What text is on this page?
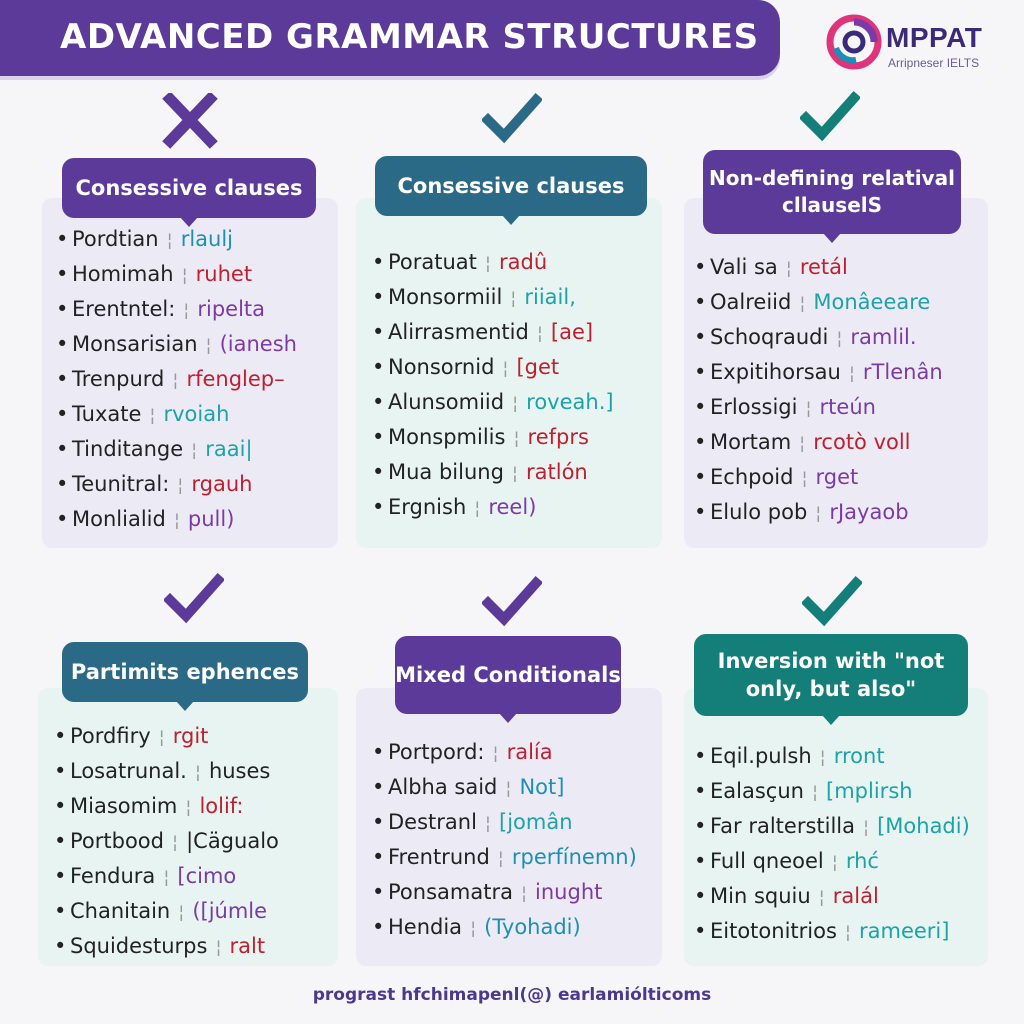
ADVANCED GRAMMAR STRUCTURES	MPPAT
Arripneser IELTS
Consessive clauses
• Pordtian ¦ rlaulj
• Homimah ¦ ruhet
• Erentntel: ¦ ripelta
• Monsarisian ¦ (ianesh
• Trenpurd ¦ rfengleр–
• Tuxate ¦ rvoiah
• Tinditange ¦ raai|
• Teunitral: ¦ rgauh
• Monlialid ¦ pull)
Consessive clauses
• Poratuat ¦ radû
• Monsormiil ¦ riiail,
• Alirrasmentid ¦ [ae]
• Nonsornid ¦ [get
• Alunsomiid ¦ roveah.]
• Monspmilis ¦ refprs
• Mua bilung ¦ ratlón
• Ergnish ¦ reel)
Non-defining relatival cllauselS
• Vali sa ¦ retál
• Oalreiid ¦ Monâeeare
• Schoqraudi ¦ ramlil.
• Expitihorsau ¦ rTlenân
• Erlossigi ¦ rteún
• Mortam ¦ rcotò voll
• Echpoid ¦ rget
• Elulo pob ¦ rJayaob
Partimits ephences
• Pordfiry ¦ rgit
• Losatrunal. ¦ huses
• Miasomim ¦ lolif:
• Portbood ¦ |Cägualo
• Fendura ¦ [cimo
• Chanitain ¦ ([júmle
• Squidesturps ¦ ralt
Mixed Conditionals
• Portpord: ¦ ralía
• Albha said ¦ Not]
• Destranl ¦ [jomân
• Frentrund ¦ rperfínemn)
• Ponsamatra ¦ inught
• Hendia ¦ (Tyohadi)
Inversion with "not only, but also"
• Eqil.pulsh ¦ rront
• Ealasçun ¦ [mplirsh
• Far ralterstilla ¦ [Mohadi)
• Full qneoel ¦ rhć
• Min squiu ¦ ralál
• Eitotonitrios ¦ rameeri]
prograst hfchimapenl(@) earlamiólticoms
